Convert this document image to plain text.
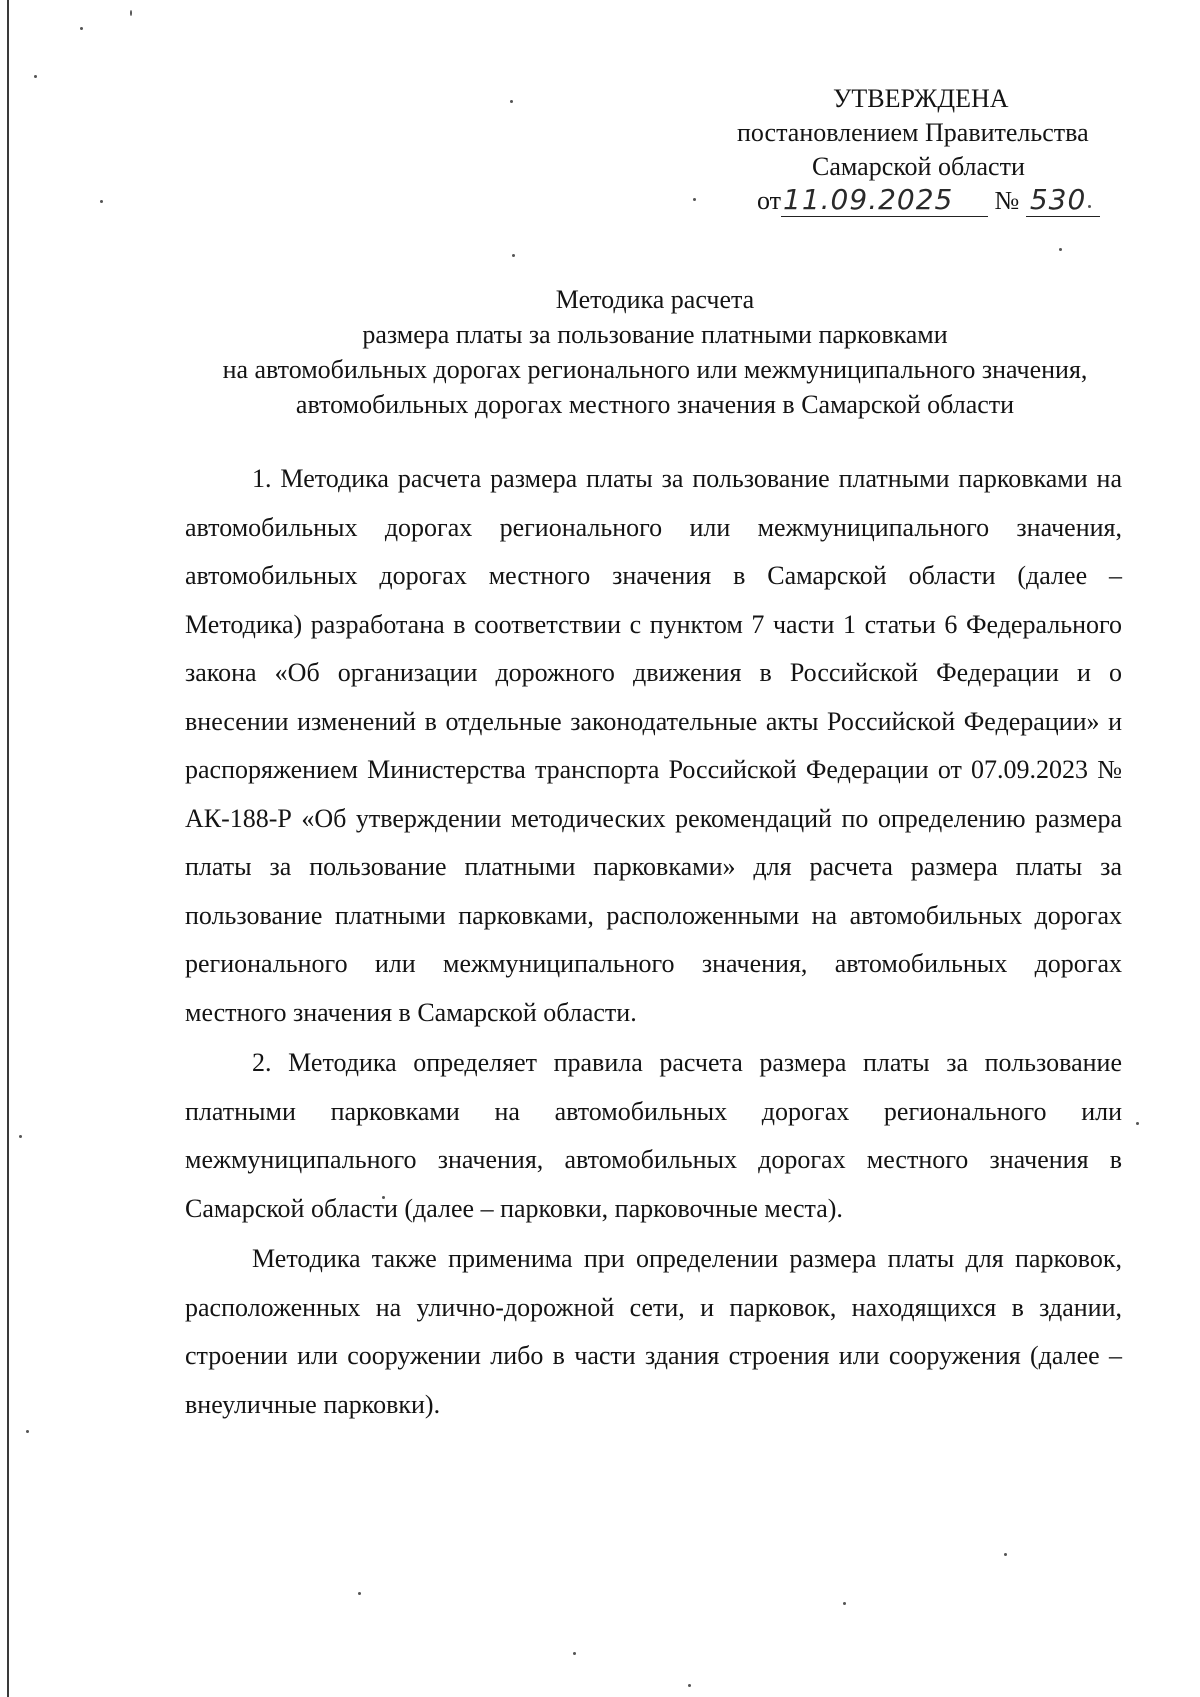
УТВЕРЖДЕНА
постановлением Правительства
Самарской области
от11.09.2025 № 530
Методика расчета
размера платы за пользование платными парковками
на автомобильных дорогах регионального или межмуниципального значения,
автомобильных дорогах местного значения в Самарской области

1. Методика расчета размера платы за пользование платными парковками на автомобильных дорогах регионального или межмуниципального значения, автомобильных дорогах местного значения в Самарской области (далее – Методика) разработана в соответствии с пунктом 7 части 1 статьи 6 Федерального закона «Об организации дорожного движения в Российской Федерации и о внесении изменений в отдельные законодательные акты Российской Федерации» и распоряжением Министерства транспорта Российской Федерации от 07.09.2023 № АК-188-Р «Об утверждении методических рекомендаций по определению размера платы за пользование платными парковками» для расчета размера платы за пользование платными парковками, расположенными на автомобильных дорогах регионального или межмуниципального значения, автомобильных дорогах местного значения в Самарской области.

2. Методика определяет правила расчета размера платы за пользование платными парковками на автомобильных дорогах регионального или межмуниципального значения, автомобильных дорогах местного значения в Самарской области (далее – парковки, парковочные места).

Методика также применима при определении размера платы для парковок, расположенных на улично-дорожной сети, и парковок, находящихся в здании, строении или сооружении либо в части здания строения или сооружения (далее – внеуличные парковки).
